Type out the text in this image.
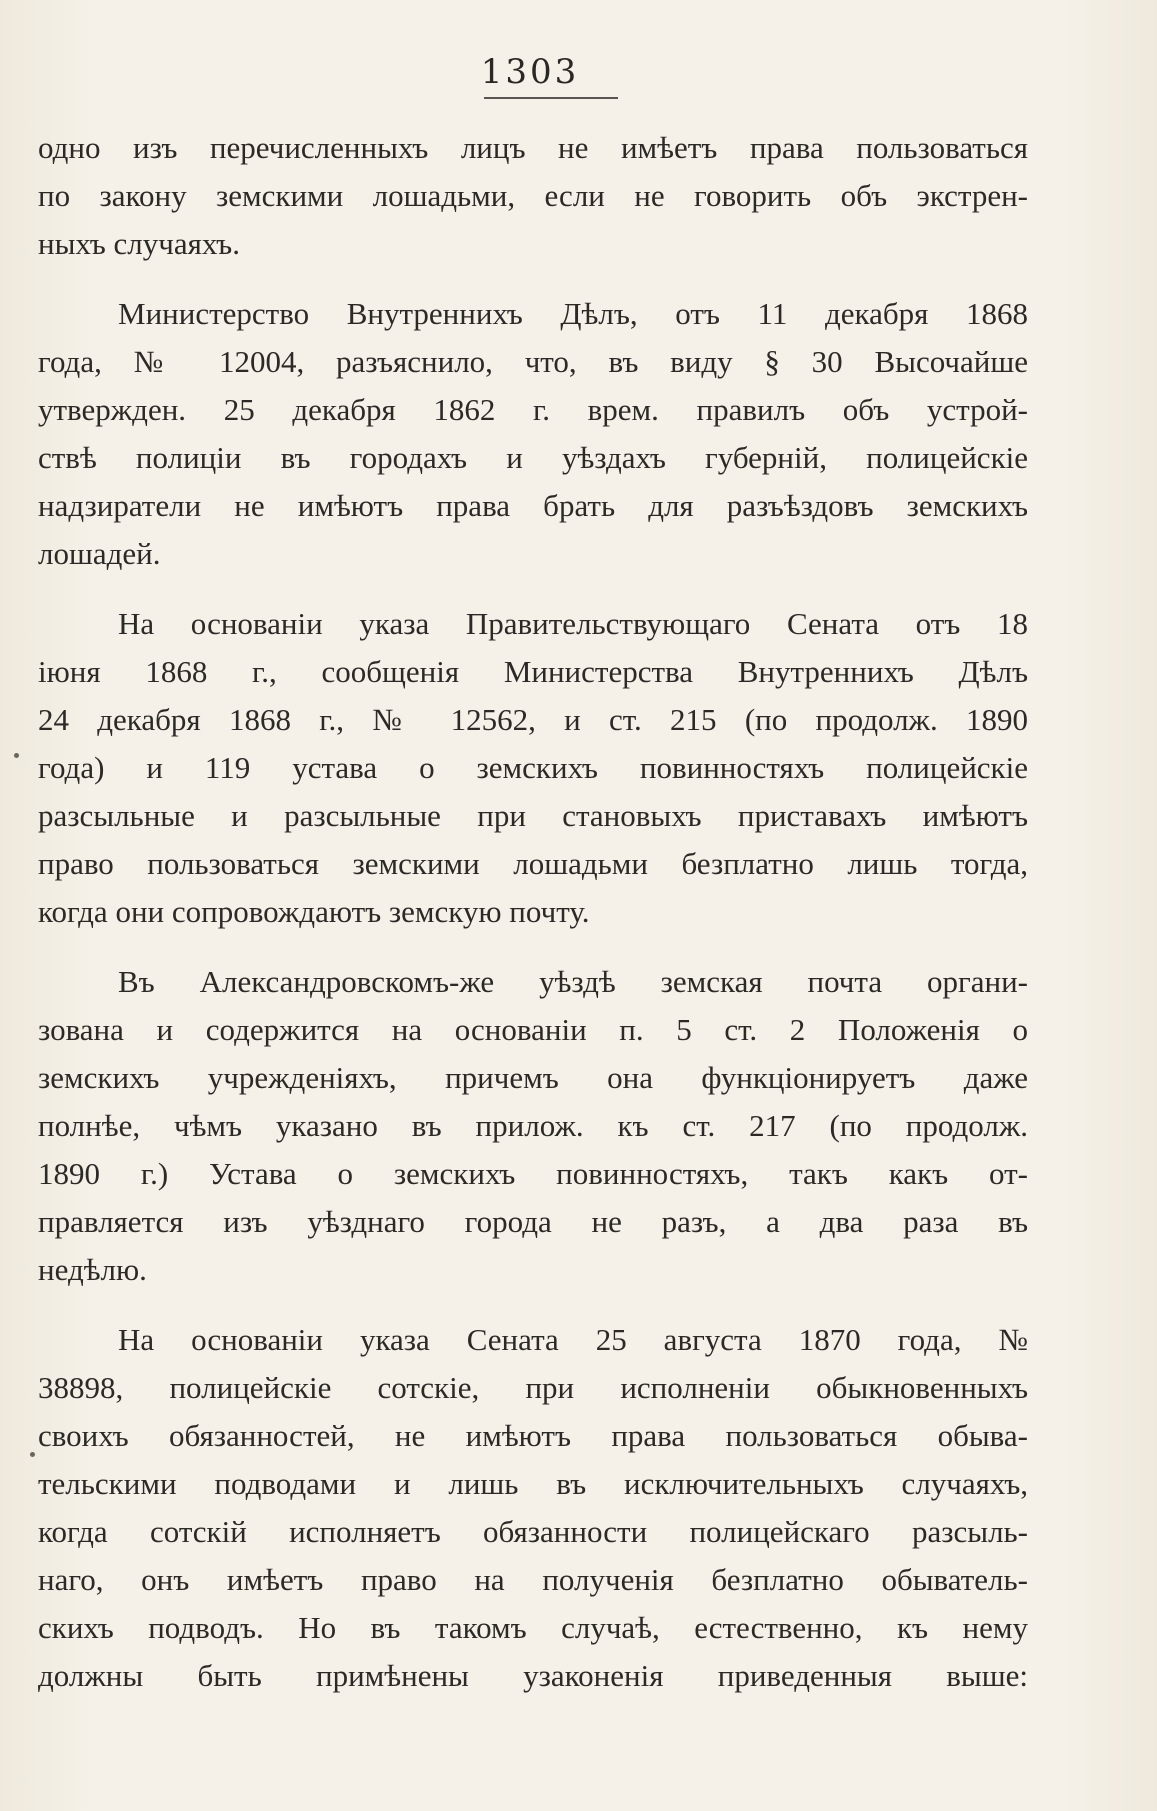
1303
одно изъ перечисленныхъ лицъ не имѣетъ права пользоваться
по закону земскими лошадьми, если не говорить объ экстрен-
ныхъ случаяхъ.
Министерство Внутреннихъ Дѣлъ, отъ 11 декабря 1868
года, № 12004, разъяснило, что, въ виду § 30 Высочайше
утвержден. 25 декабря 1862 г. врем. правилъ объ устрой-
ствѣ полиціи въ городахъ и уѣздахъ губерній, полицейскіе
надзиратели не имѣютъ права брать для разъѣздовъ земскихъ
лошадей.
На основаніи указа Правительствующаго Сената отъ 18
іюня 1868 г., сообщенія Министерства Внутреннихъ Дѣлъ
24 декабря 1868 г., № 12562, и ст. 215 (по продолж. 1890
года) и 119 устава о земскихъ повинностяхъ полицейскіе
разсыльные и разсыльные при становыхъ приставахъ имѣютъ
право пользоваться земскими лошадьми безплатно лишь тогда,
когда они сопровождаютъ земскую почту.
Въ Александровскомъ-же уѣздѣ земская почта органи-
зована и содержится на основаніи п. 5 ст. 2 Положенія о
земскихъ учрежденіяхъ, причемъ она функціонируетъ даже
полнѣе, чѣмъ указано въ прилож. къ ст. 217 (по продолж.
1890 г.) Устава о земскихъ повинностяхъ, такъ какъ от-
правляется изъ уѣзднаго города не разъ, а два раза въ
недѣлю.
На основаніи указа Сената 25 августа 1870 года, №
38898, полицейскіе сотскіе, при исполненіи обыкновенныхъ
своихъ обязанностей, не имѣютъ права пользоваться обыва-
тельскими подводами и лишь въ исключительныхъ случаяхъ,
когда сотскій исполняетъ обязанности полицейскаго разсыль-
наго, онъ имѣетъ право на полученія безплатно обыватель-
скихъ подводъ. Но въ такомъ случаѣ, естественно, къ нему
должны быть примѣнены узаконенія приведенныя выше:
